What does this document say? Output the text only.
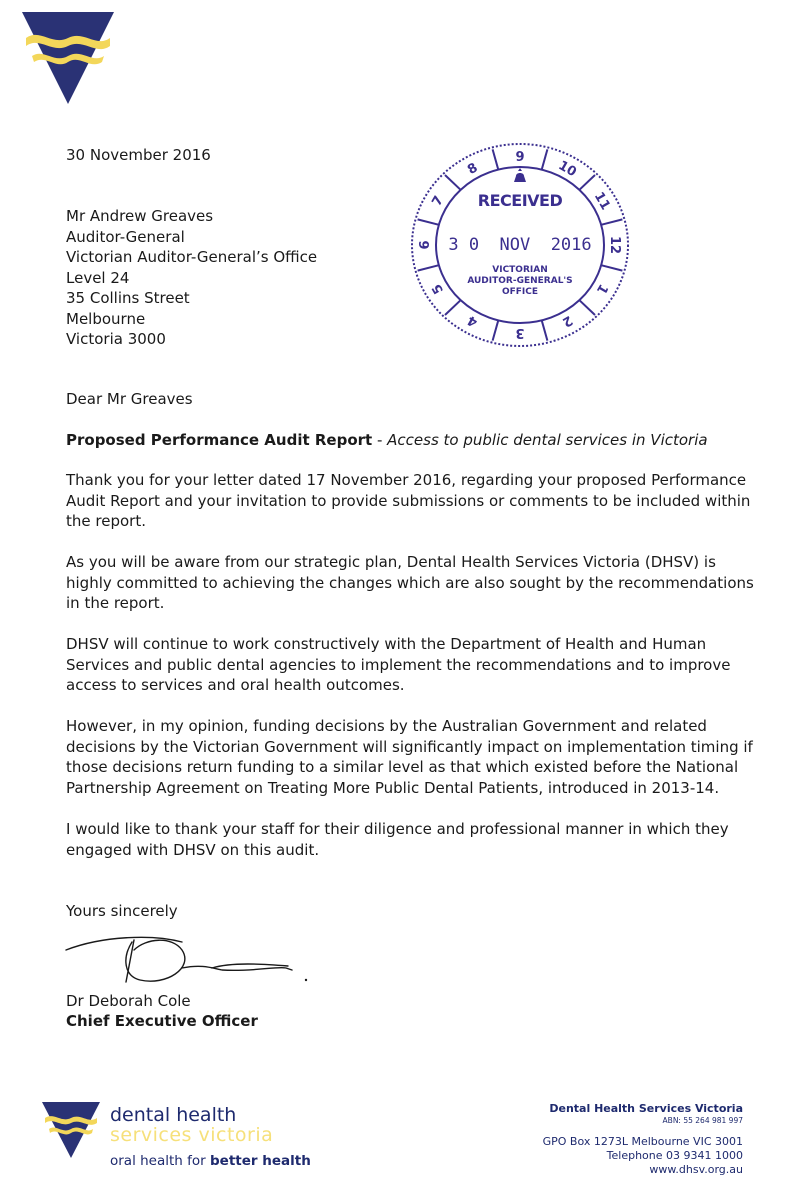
30 November 2016
Mr Andrew Greaves
Auditor-General
Victorian Auditor-General’s Office
Level 24
35 Collins Street
Melbourne
Victoria 3000
9
10
11
12
1
2
3
4
5
6
7
8
RECEIVED
3 0  NOV  2016
VICTORIAN
AUDITOR-GENERAL'S
OFFICE
Dear Mr Greaves
Proposed Performance Audit Report - Access to public dental services in Victoria
Thank you for your letter dated 17 November 2016, regarding your proposed Performance Audit Report and your invitation to provide submissions or comments to be included within the report.
As you will be aware from our strategic plan, Dental Health Services Victoria (DHSV) is highly committed to achieving the changes which are also sought by the recommendations in the report.
DHSV will continue to work constructively with the Department of Health and Human Services and public dental agencies to implement the recommendations and to improve access to services and oral health outcomes.
However, in my opinion, funding decisions by the Australian Government and related decisions by the Victorian Government will significantly impact on implementation timing if those decisions return funding to a similar level as that which existed before the National Partnership Agreement on Treating More Public Dental Patients, introduced in 2013-14.
I would like to thank your staff for their diligence and professional manner in which they engaged with DHSV on this audit.
Yours sincerely
Dr Deborah Cole
Chief Executive Officer
dental health
services victoria
oral health for better health
Dental Health Services Victoria
ABN: 55 264 981 997
GPO Box 1273L Melbourne VIC 3001
Telephone 03 9341 1000
www.dhsv.org.au
